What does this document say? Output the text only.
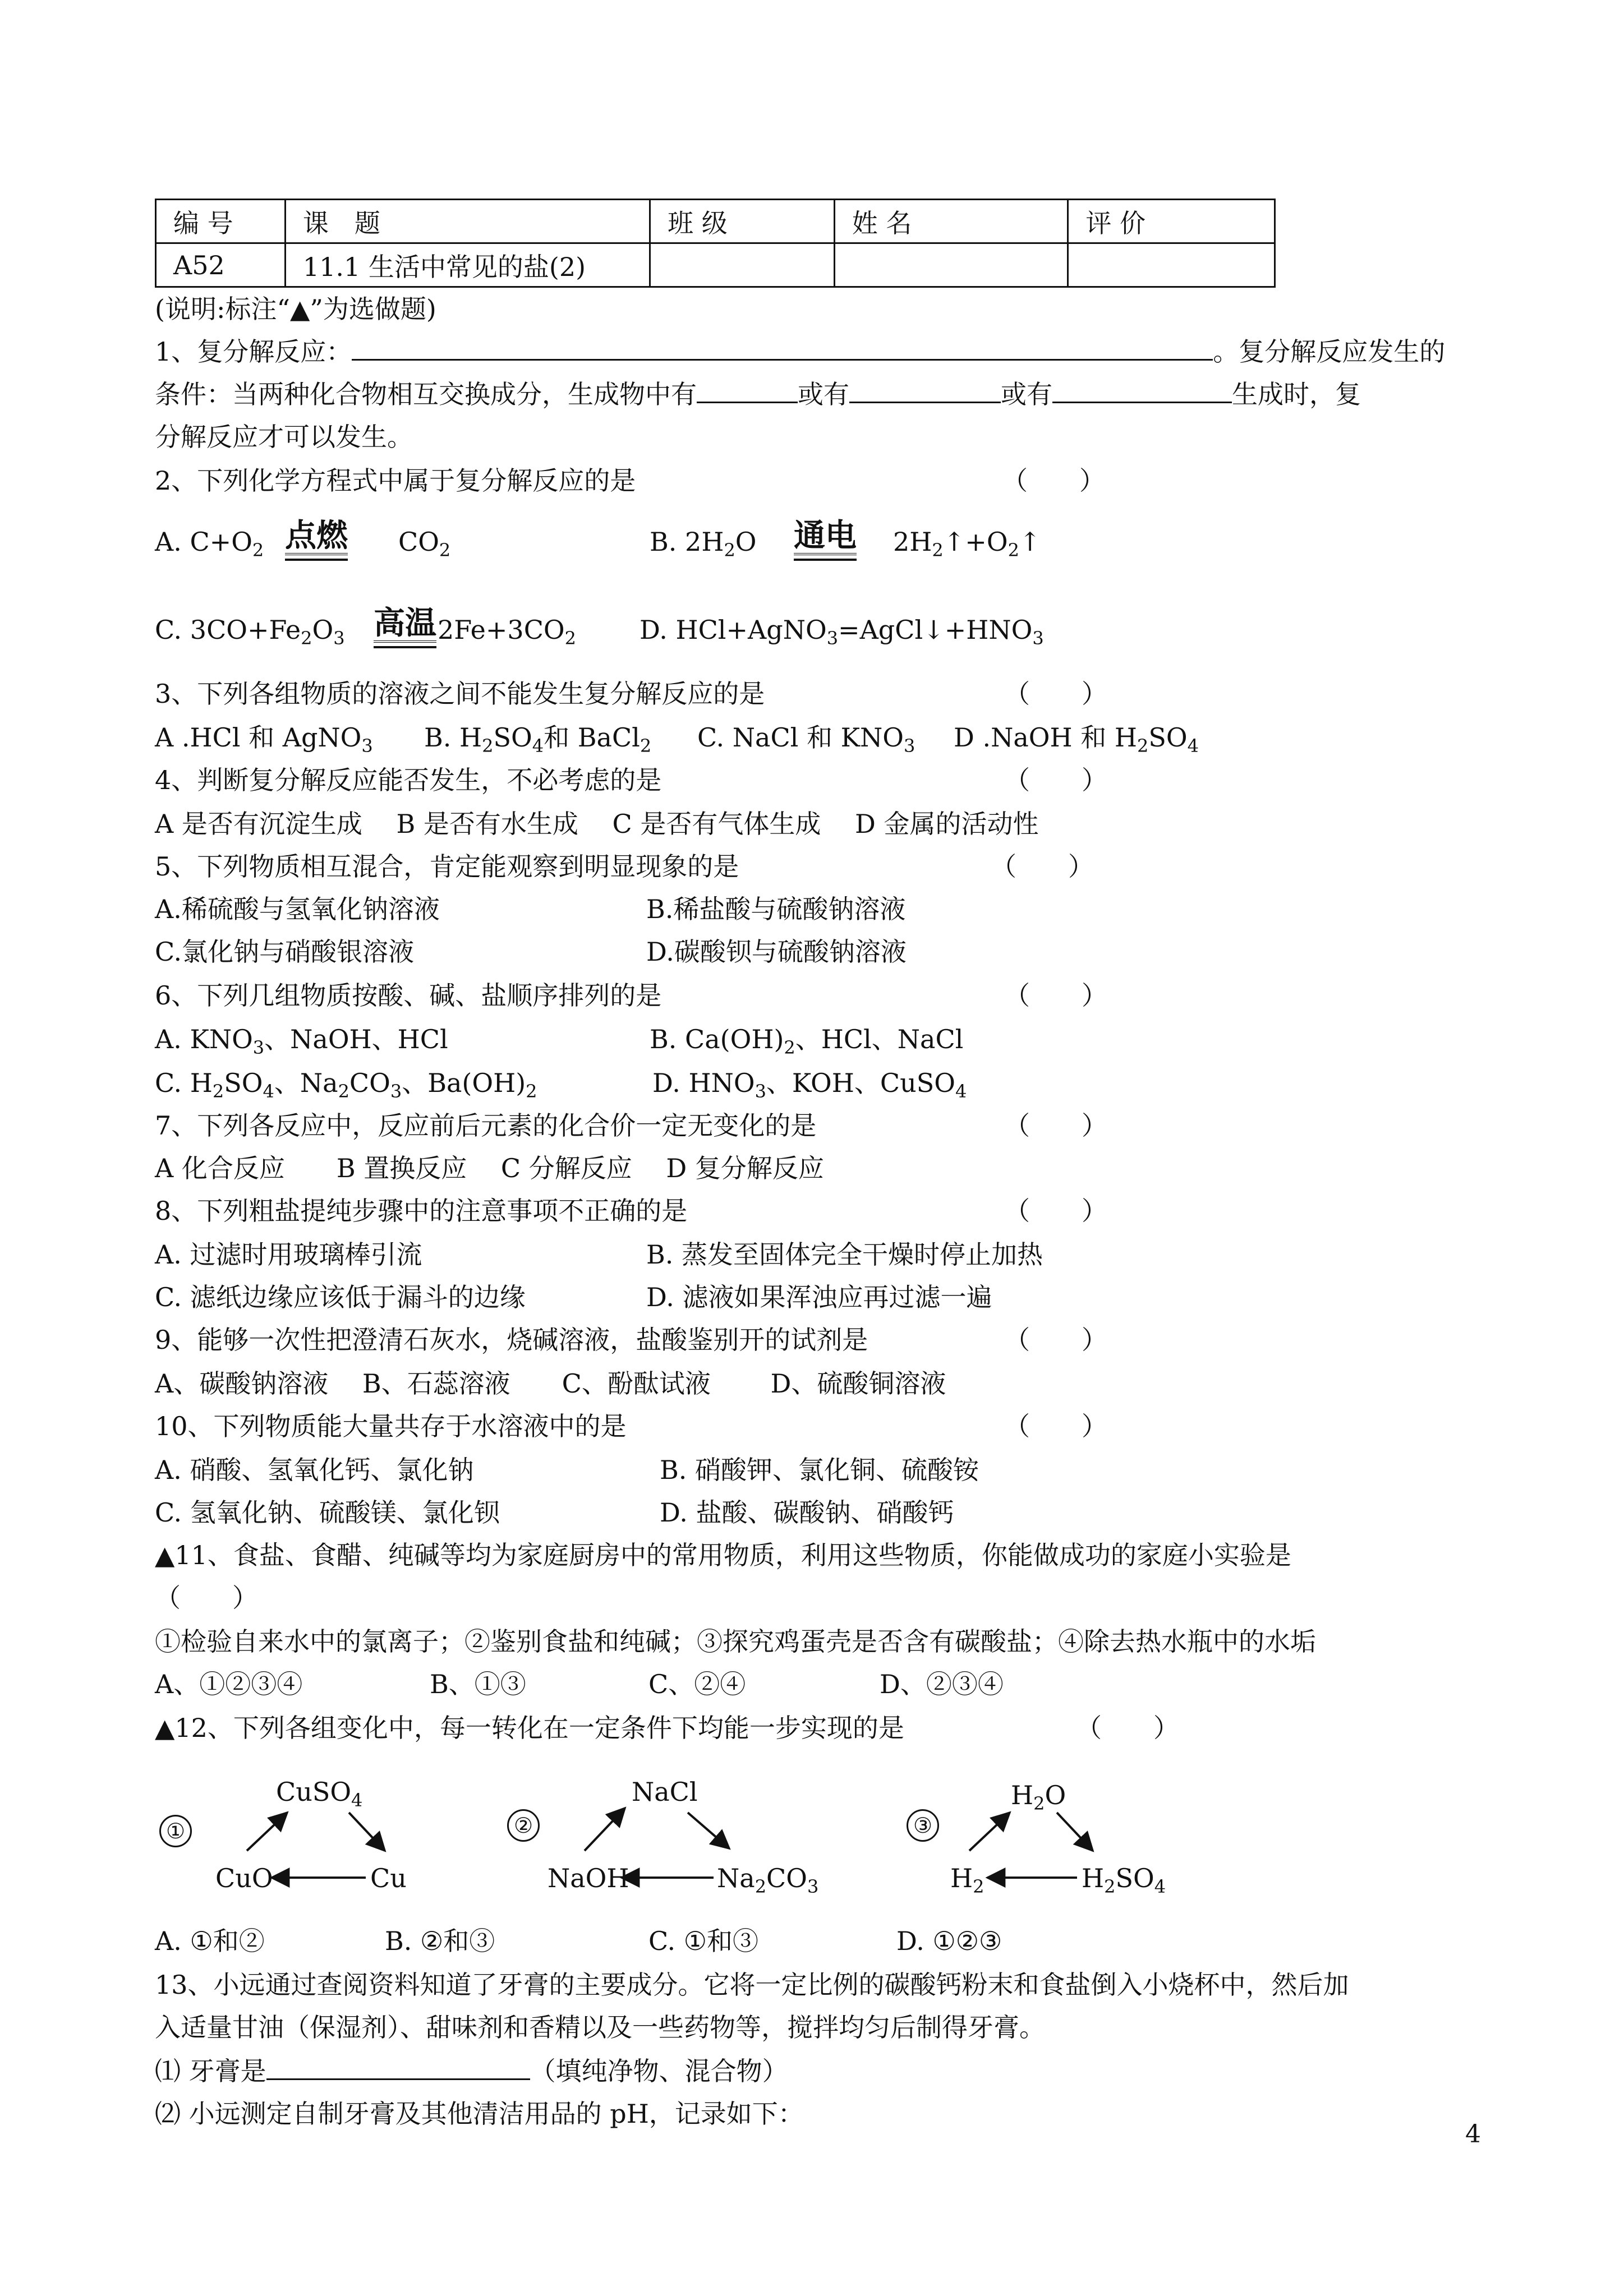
编 号	课　题	班 级	姓 名	评 价
A52	11.1 生活中常见的盐(2)			
(说明:标注“▲”为选做题)
1、复分解反应：	。复分解反应发生的
条件：当两种化合物相互交换成分，生成物中有	或有	或有	生成时，复
分解反应才可以发生。
2、下列化学方程式中属于复分解反应的是	（　　）
A. $C+O_2$ 点燃 $CO_2$	B. $2H_2O$ 通电 $2H_2↑+O_2↑$
C. $3CO+Fe_2O_3$ 高温 $2Fe+3CO_2$ D. $HCl+AgNO_3=AgCl↓+HNO_3$
3、下列各组物质的溶液之间不能发生复分解反应的是	（　　）
A .HCl 和 AgNO$_3$ B. $H_2SO_4$和 BaCl$_2$ C. NaCl 和 $KNO_3$ D .NaOH 和 $H_2SO_4$
4、判断复分解反应能否发生，不必考虑的是	（　　）
A 是否有沉淀生成　 B 是否有水生成　 C 是否有气体生成　 D 金属的活动性
5、下列物质相互混合，肯定能观察到明显现象的是	（　　）
A.稀硫酸与氢氧化钠溶液	B.稀盐酸与硫酸钠溶液
C.氯化钠与硝酸银溶液	D.碳酸钡与硫酸钠溶液
6、下列几组物质按酸、碱、盐顺序排列的是	（　　）
A. $KNO_3$、NaOH、HCl	B. $Ca(OH)_2$、HCl、NaCl
C. $H_2SO_4$、$Na_2CO_3$、$Ba(OH)_2$	D. $HNO_3$、KOH、CuSO$_4$
7、下列各反应中，反应前后元素的化合价一定无变化的是	（　　）
A 化合反应　　B 置换反应　 C 分解反应　 D 复分解反应
8、下列粗盐提纯步骤中的注意事项不正确的是	（　　）
A. 过滤时用玻璃棒引流	B. 蒸发至固体完全干燥时停止加热
C. 滤纸边缘应该低于漏斗的边缘	D. 滤液如果浑浊应再过滤一遍
9、能够一次性把澄清石灰水，烧碱溶液，盐酸鉴别开的试剂是	（　　）
A、碳酸钠溶液　 B、石蕊溶液　　C、酚酞试液　　 D、硫酸铜溶液
10、下列物质能大量共存于水溶液中的是	（　　）
A. 硝酸、氢氧化钙、氯化钠	B. 硝酸钾、氯化铜、硫酸铵
C. 氢氧化钠、硫酸镁、氯化钡	D. 盐酸、碳酸钠、硝酸钙
▲11、食盐、食醋、纯碱等均为家庭厨房中的常用物质，利用这些物质，你能做成功的家庭小实验是
（　　）
①检验自来水中的氯离子；②鉴别食盐和纯碱；③探究鸡蛋壳是否含有碳酸盐；④除去热水瓶中的水垢
A、①②③④	B、①③	C、②④	D、②③④
▲12、下列各组变化中，每一转化在一定条件下均能一步实现的是	（　　）
①
CuSO$_4$
CuO	Cu
②
NaCl
NaOH	$Na_2CO_3$
③
$H_2O$
$H_2$	$H_2SO_4$
A. ①和②	B. ②和③	C. ①和③	D. ①②③
13、小远通过查阅资料知道了牙膏的主要成分。它将一定比例的碳酸钙粉末和食盐倒入小烧杯中，然后加
入适量甘油（保湿剂）、甜味剂和香精以及一些药物等，搅拌均匀后制得牙膏。
⑴ 牙膏是	（填纯净物、混合物）
⑵ 小远测定自制牙膏及其他清洁用品的 pH，记录如下：
4
